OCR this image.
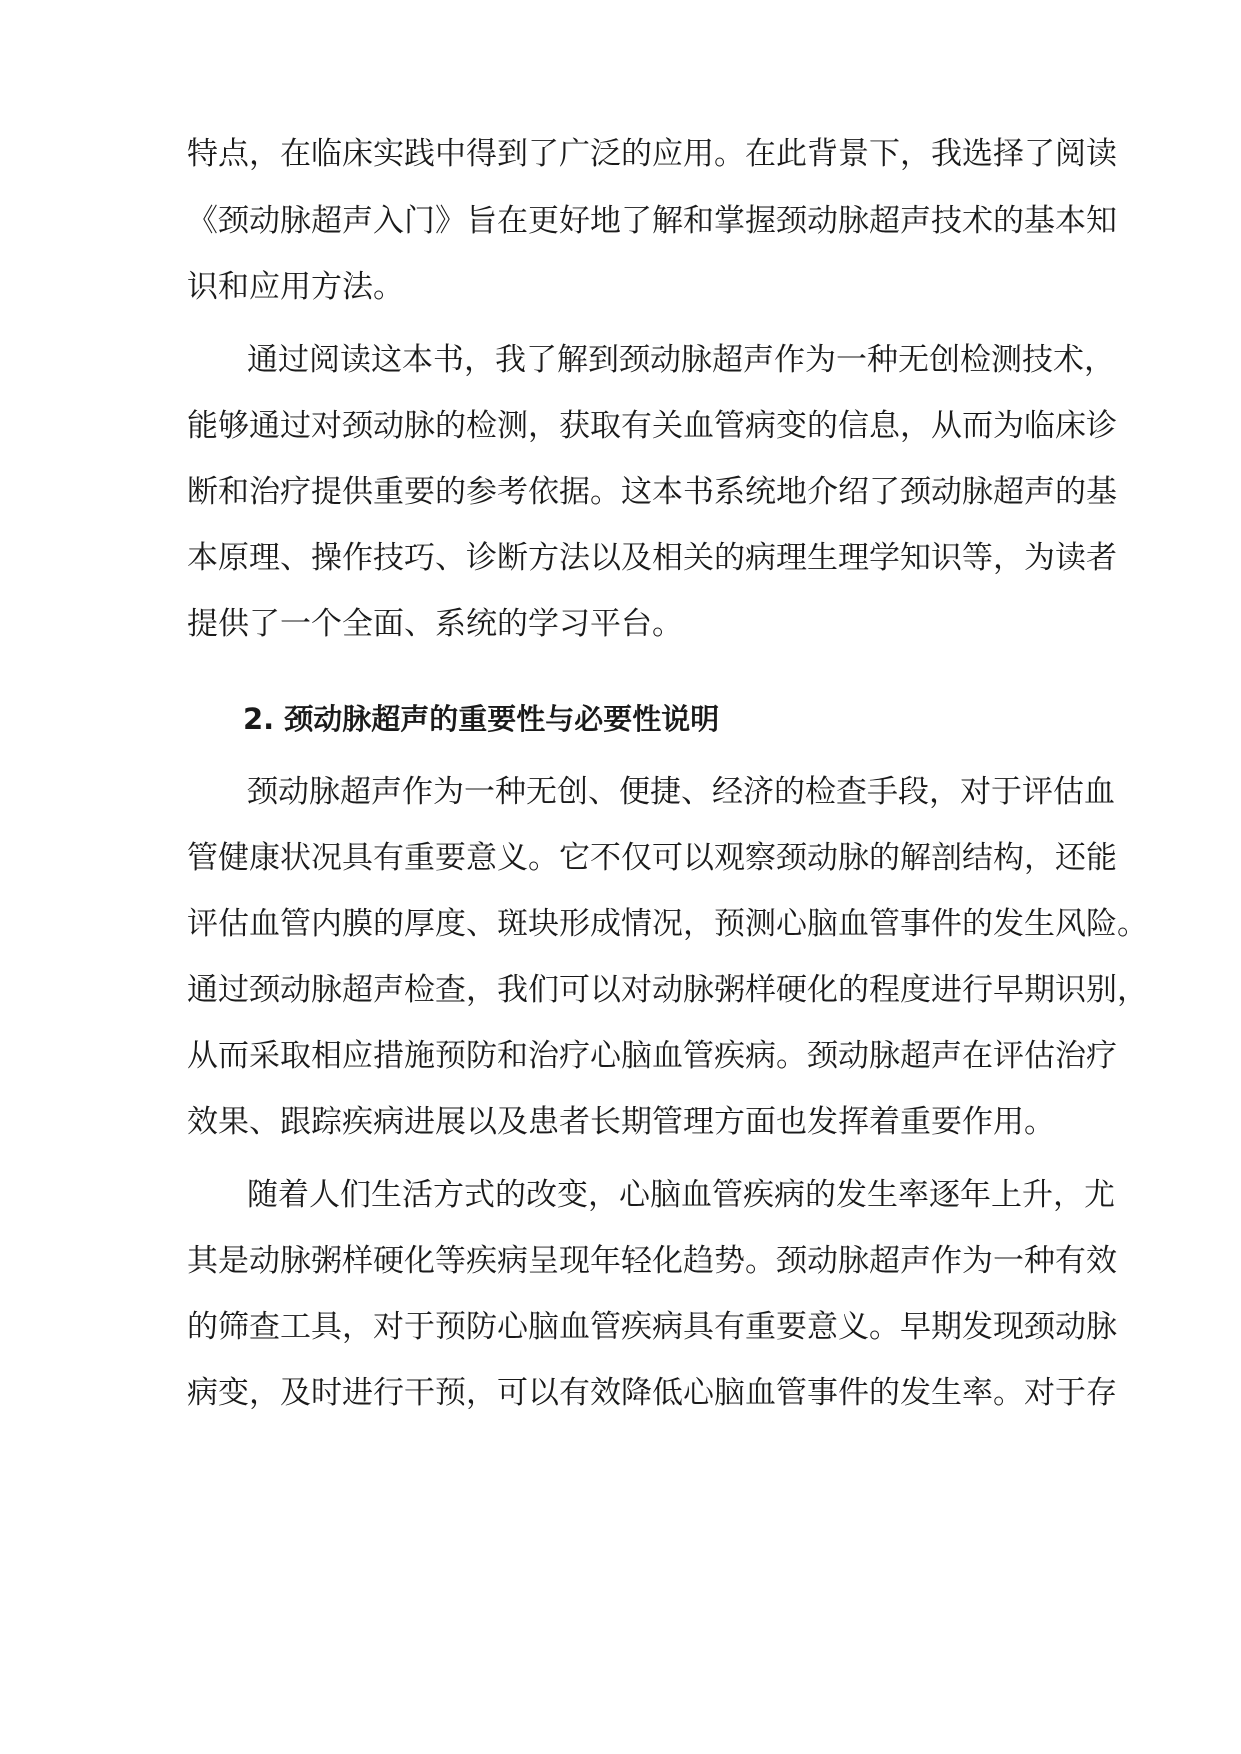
特点，在临床实践中得到了广泛的应用。在此背景下，我选择了阅读
《颈动脉超声入门》旨在更好地了解和掌握颈动脉超声技术的基本知
识和应用方法。
通过阅读这本书，我了解到颈动脉超声作为一种无创检测技术，
能够通过对颈动脉的检测，获取有关血管病变的信息，从而为临床诊
断和治疗提供重要的参考依据。这本书系统地介绍了颈动脉超声的基
本原理、操作技巧、诊断方法以及相关的病理生理学知识等，为读者
提供了一个全面、系统的学习平台。
2. 颈动脉超声的重要性与必要性说明
颈动脉超声作为一种无创、便捷、经济的检查手段，对于评估血
管健康状况具有重要意义。它不仅可以观察颈动脉的解剖结构，还能
评估血管内膜的厚度、斑块形成情况，预测心脑血管事件的发生风险。
通过颈动脉超声检查，我们可以对动脉粥样硬化的程度进行早期识别，
从而采取相应措施预防和治疗心脑血管疾病。颈动脉超声在评估治疗
效果、跟踪疾病进展以及患者长期管理方面也发挥着重要作用。
随着人们生活方式的改变，心脑血管疾病的发生率逐年上升，尤
其是动脉粥样硬化等疾病呈现年轻化趋势。颈动脉超声作为一种有效
的筛查工具，对于预防心脑血管疾病具有重要意义。早期发现颈动脉
病变，及时进行干预，可以有效降低心脑血管事件的发生率。对于存
